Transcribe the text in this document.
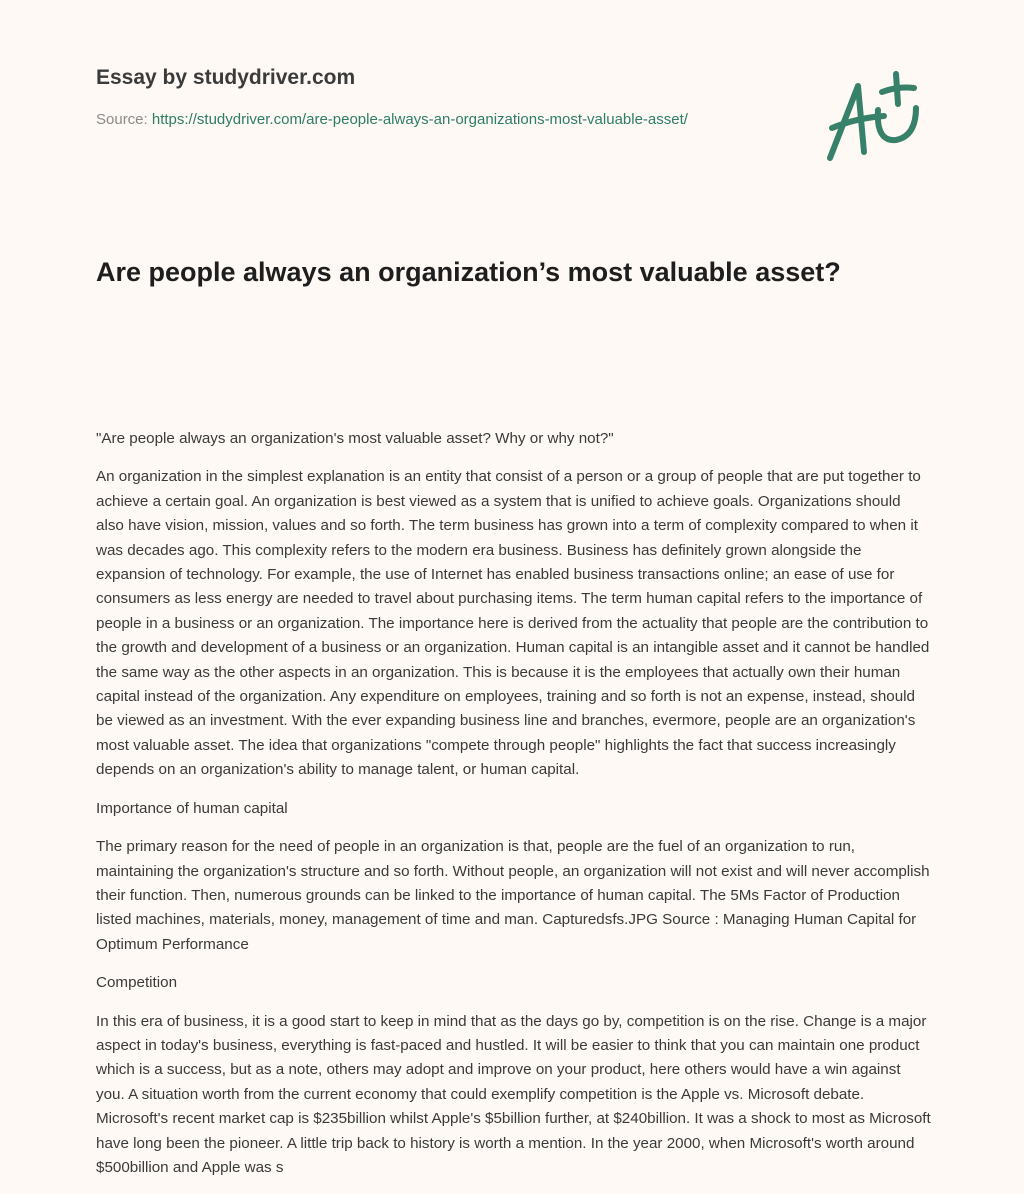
Essay by studydriver.com

Source: https://studydriver.com/are-people-always-an-organizations-most-valuable-asset/
Are people always an organization’s most valuable asset?

"Are people always an organization's most valuable asset? Why or why not?"

An organization in the simplest explanation is an entity that consist of a person or a group of people that are put together to achieve a certain goal. An organization is best viewed as a system that is unified to achieve goals. Organizations should also have vision, mission, values and so forth. The term business has grown into a term of complexity compared to when it was decades ago. This complexity refers to the modern era business. Business has definitely grown alongside the expansion of technology. For example, the use of Internet has enabled business transactions online; an ease of use for consumers as less energy are needed to travel about purchasing items. The term human capital refers to the importance of people in a business or an organization. The importance here is derived from the actuality that people are the contribution to the growth and development of a business or an organization. Human capital is an intangible asset and it cannot be handled the same way as the other aspects in an organization. This is because it is the employees that actually own their human capital instead of the organization. Any expenditure on employees, training and so forth is not an expense, instead, should be viewed as an investment. With the ever expanding business line and branches, evermore, people are an organization's most valuable asset. The idea that organizations "compete through people" highlights the fact that success increasingly depends on an organization's ability to manage talent, or human capital.

Importance of human capital

The primary reason for the need of people in an organization is that, people are the fuel of an organization to run, maintaining the organization's structure and so forth. Without people, an organization will not exist and will never accomplish their function. Then, numerous grounds can be linked to the importance of human capital. The 5Ms Factor of Production listed machines, materials, money, management of time and man. Capturedsfs.JPG Source : Managing Human Capital for Optimum Performance

Competition

In this era of business, it is a good start to keep in mind that as the days go by, competition is on the rise. Change is a major aspect in today's business, everything is fast-paced and hustled. It will be easier to think that you can maintain one product which is a success, but as a note, others may adopt and improve on your product, here others would have a win against you. A situation worth from the current economy that could exemplify competition is the Apple vs. Microsoft debate. Microsoft's recent market cap is $235billion whilst Apple's $5billion further, at $240billion. It was a shock to most as Microsoft have long been the pioneer. A little trip back to history is worth a mention. In the year 2000, when Microsoft's worth around $500billion and Apple was s
